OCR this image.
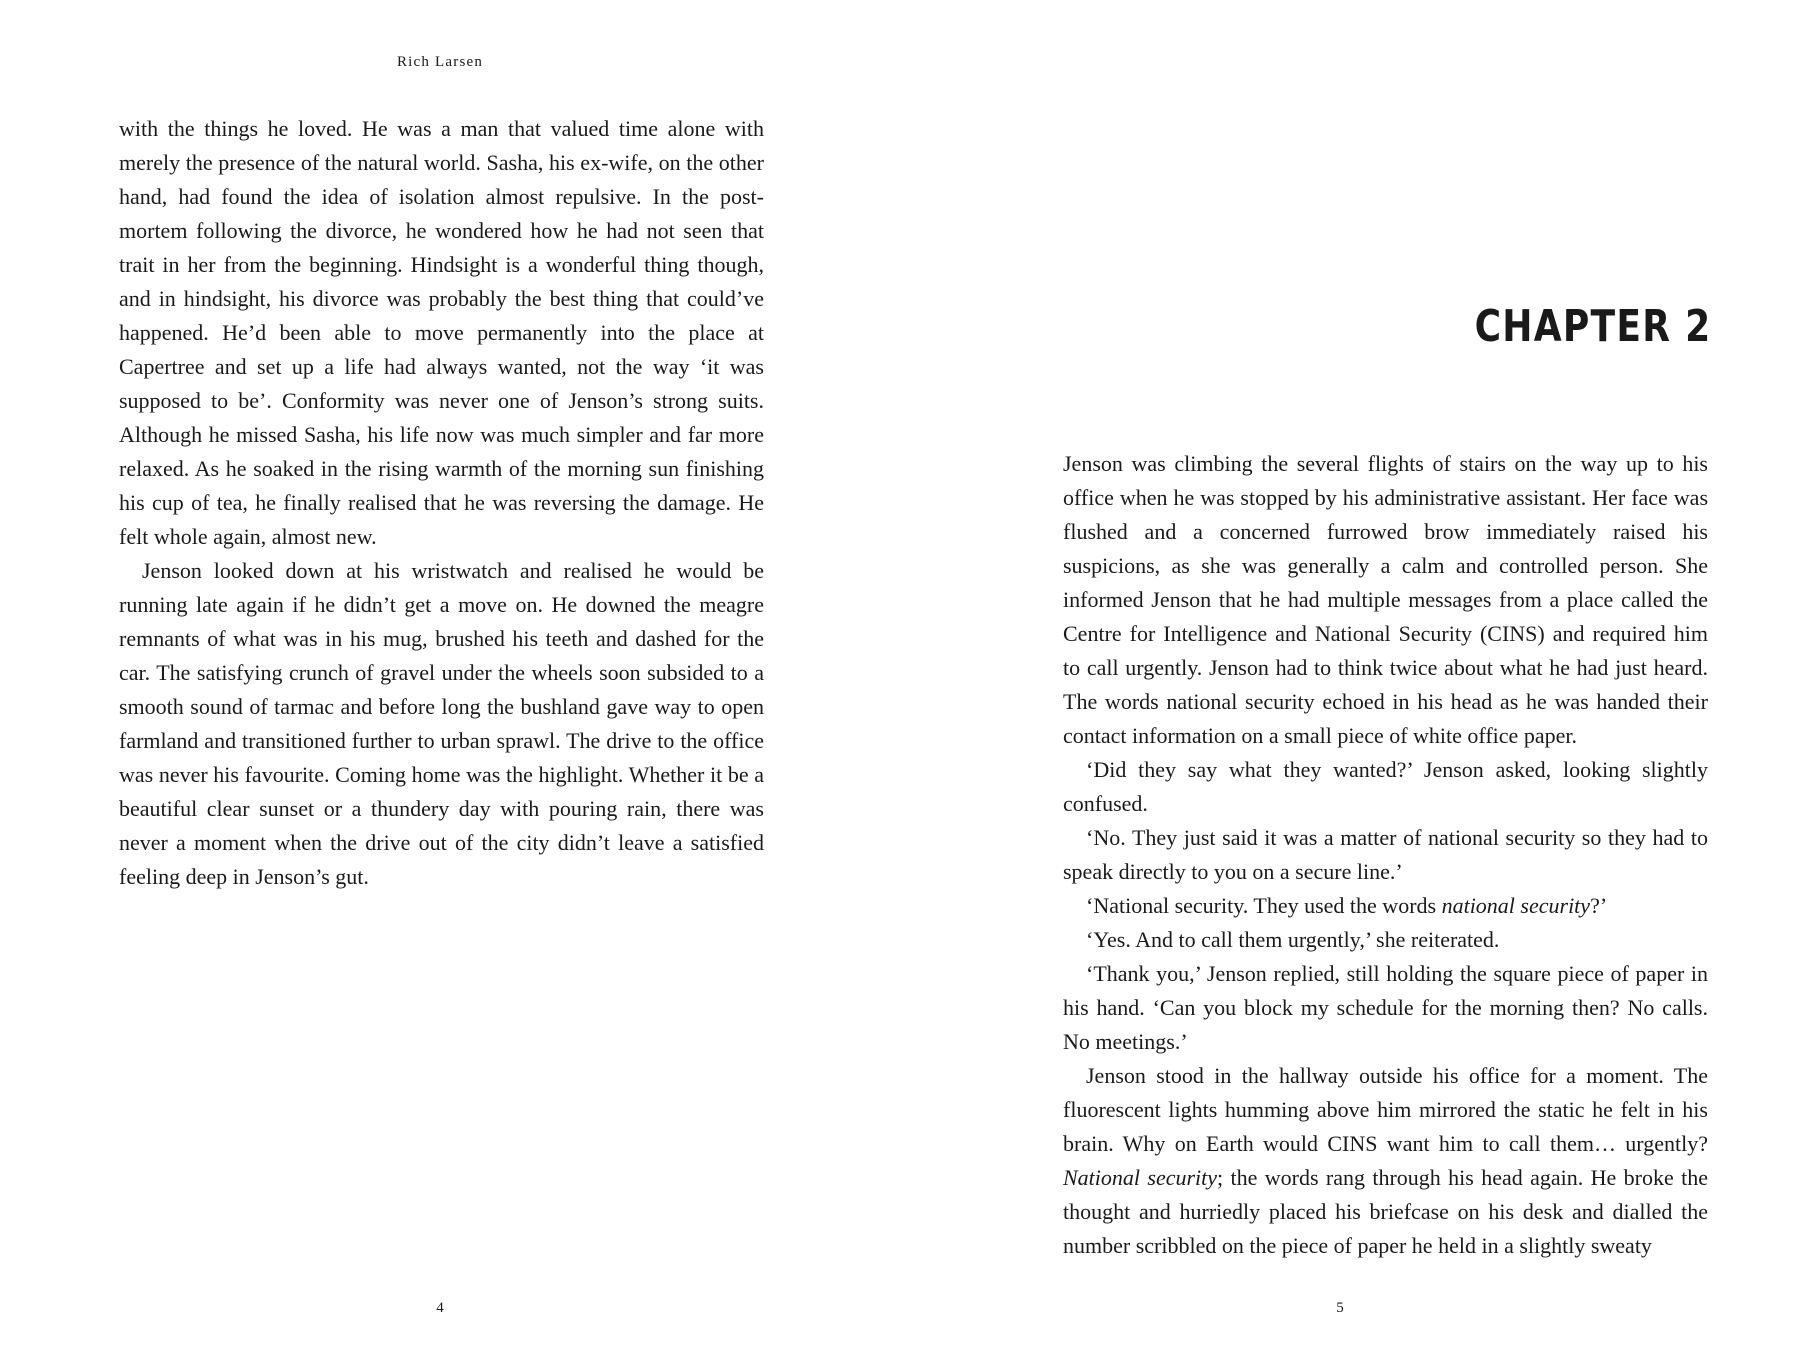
Rich Larsen

with the things he loved. He was a man that valued time alone with merely the presence of the natural world. Sasha, his ex-wife, on the other hand, had found the idea of isolation almost repulsive. In the post-mortem following the divorce, he wondered how he had not seen that trait in her from the beginning. Hindsight is a wonderful thing though, and in hindsight, his divorce was probably the best thing that could’ve happened. He’d been able to move permanently into the place at Capertree and set up a life had always wanted, not the way ‘it was supposed to be’. Conformity was never one of Jenson’s strong suits. Although he missed Sasha, his life now was much simpler and far more relaxed. As he soaked in the rising warmth of the morning sun finishing his cup of tea, he finally realised that he was reversing the damage. He felt whole again, almost new.

Jenson looked down at his wristwatch and realised he would be running late again if he didn’t get a move on. He downed the meagre remnants of what was in his mug, brushed his teeth and dashed for the car. The satisfying crunch of gravel under the wheels soon subsided to a smooth sound of tarmac and before long the bushland gave way to open farmland and transitioned further to urban sprawl. The drive to the office was never his favourite. Coming home was the highlight. Whether it be a beautiful clear sunset or a thundery day with pouring rain, there was never a moment when the drive out of the city didn’t leave a satisfied feeling deep in Jenson’s gut.

4
CHAPTER 2

Jenson was climbing the several flights of stairs on the way up to his office when he was stopped by his administrative assistant. Her face was flushed and a concerned furrowed brow immediately raised his suspicions, as she was generally a calm and controlled person. She informed Jenson that he had multiple messages from a place called the Centre for Intelligence and National Security (CINS) and required him to call urgently. Jenson had to think twice about what he had just heard. The words national security echoed in his head as he was handed their contact information on a small piece of white office paper.

‘Did they say what they wanted?’ Jenson asked, looking slightly confused.

‘No. They just said it was a matter of national security so they had to speak directly to you on a secure line.’

‘National security. They used the words national security?’

‘Yes. And to call them urgently,’ she reiterated.

‘Thank you,’ Jenson replied, still holding the square piece of paper in his hand. ‘Can you block my schedule for the morning then? No calls. No meetings.’

Jenson stood in the hallway outside his office for a moment. The fluorescent lights humming above him mirrored the static he felt in his brain. Why on Earth would CINS want him to call them… urgently? National security; the words rang through his head again. He broke the thought and hurriedly placed his briefcase on his desk and dialled the number scribbled on the piece of paper he held in a slightly sweaty

5
